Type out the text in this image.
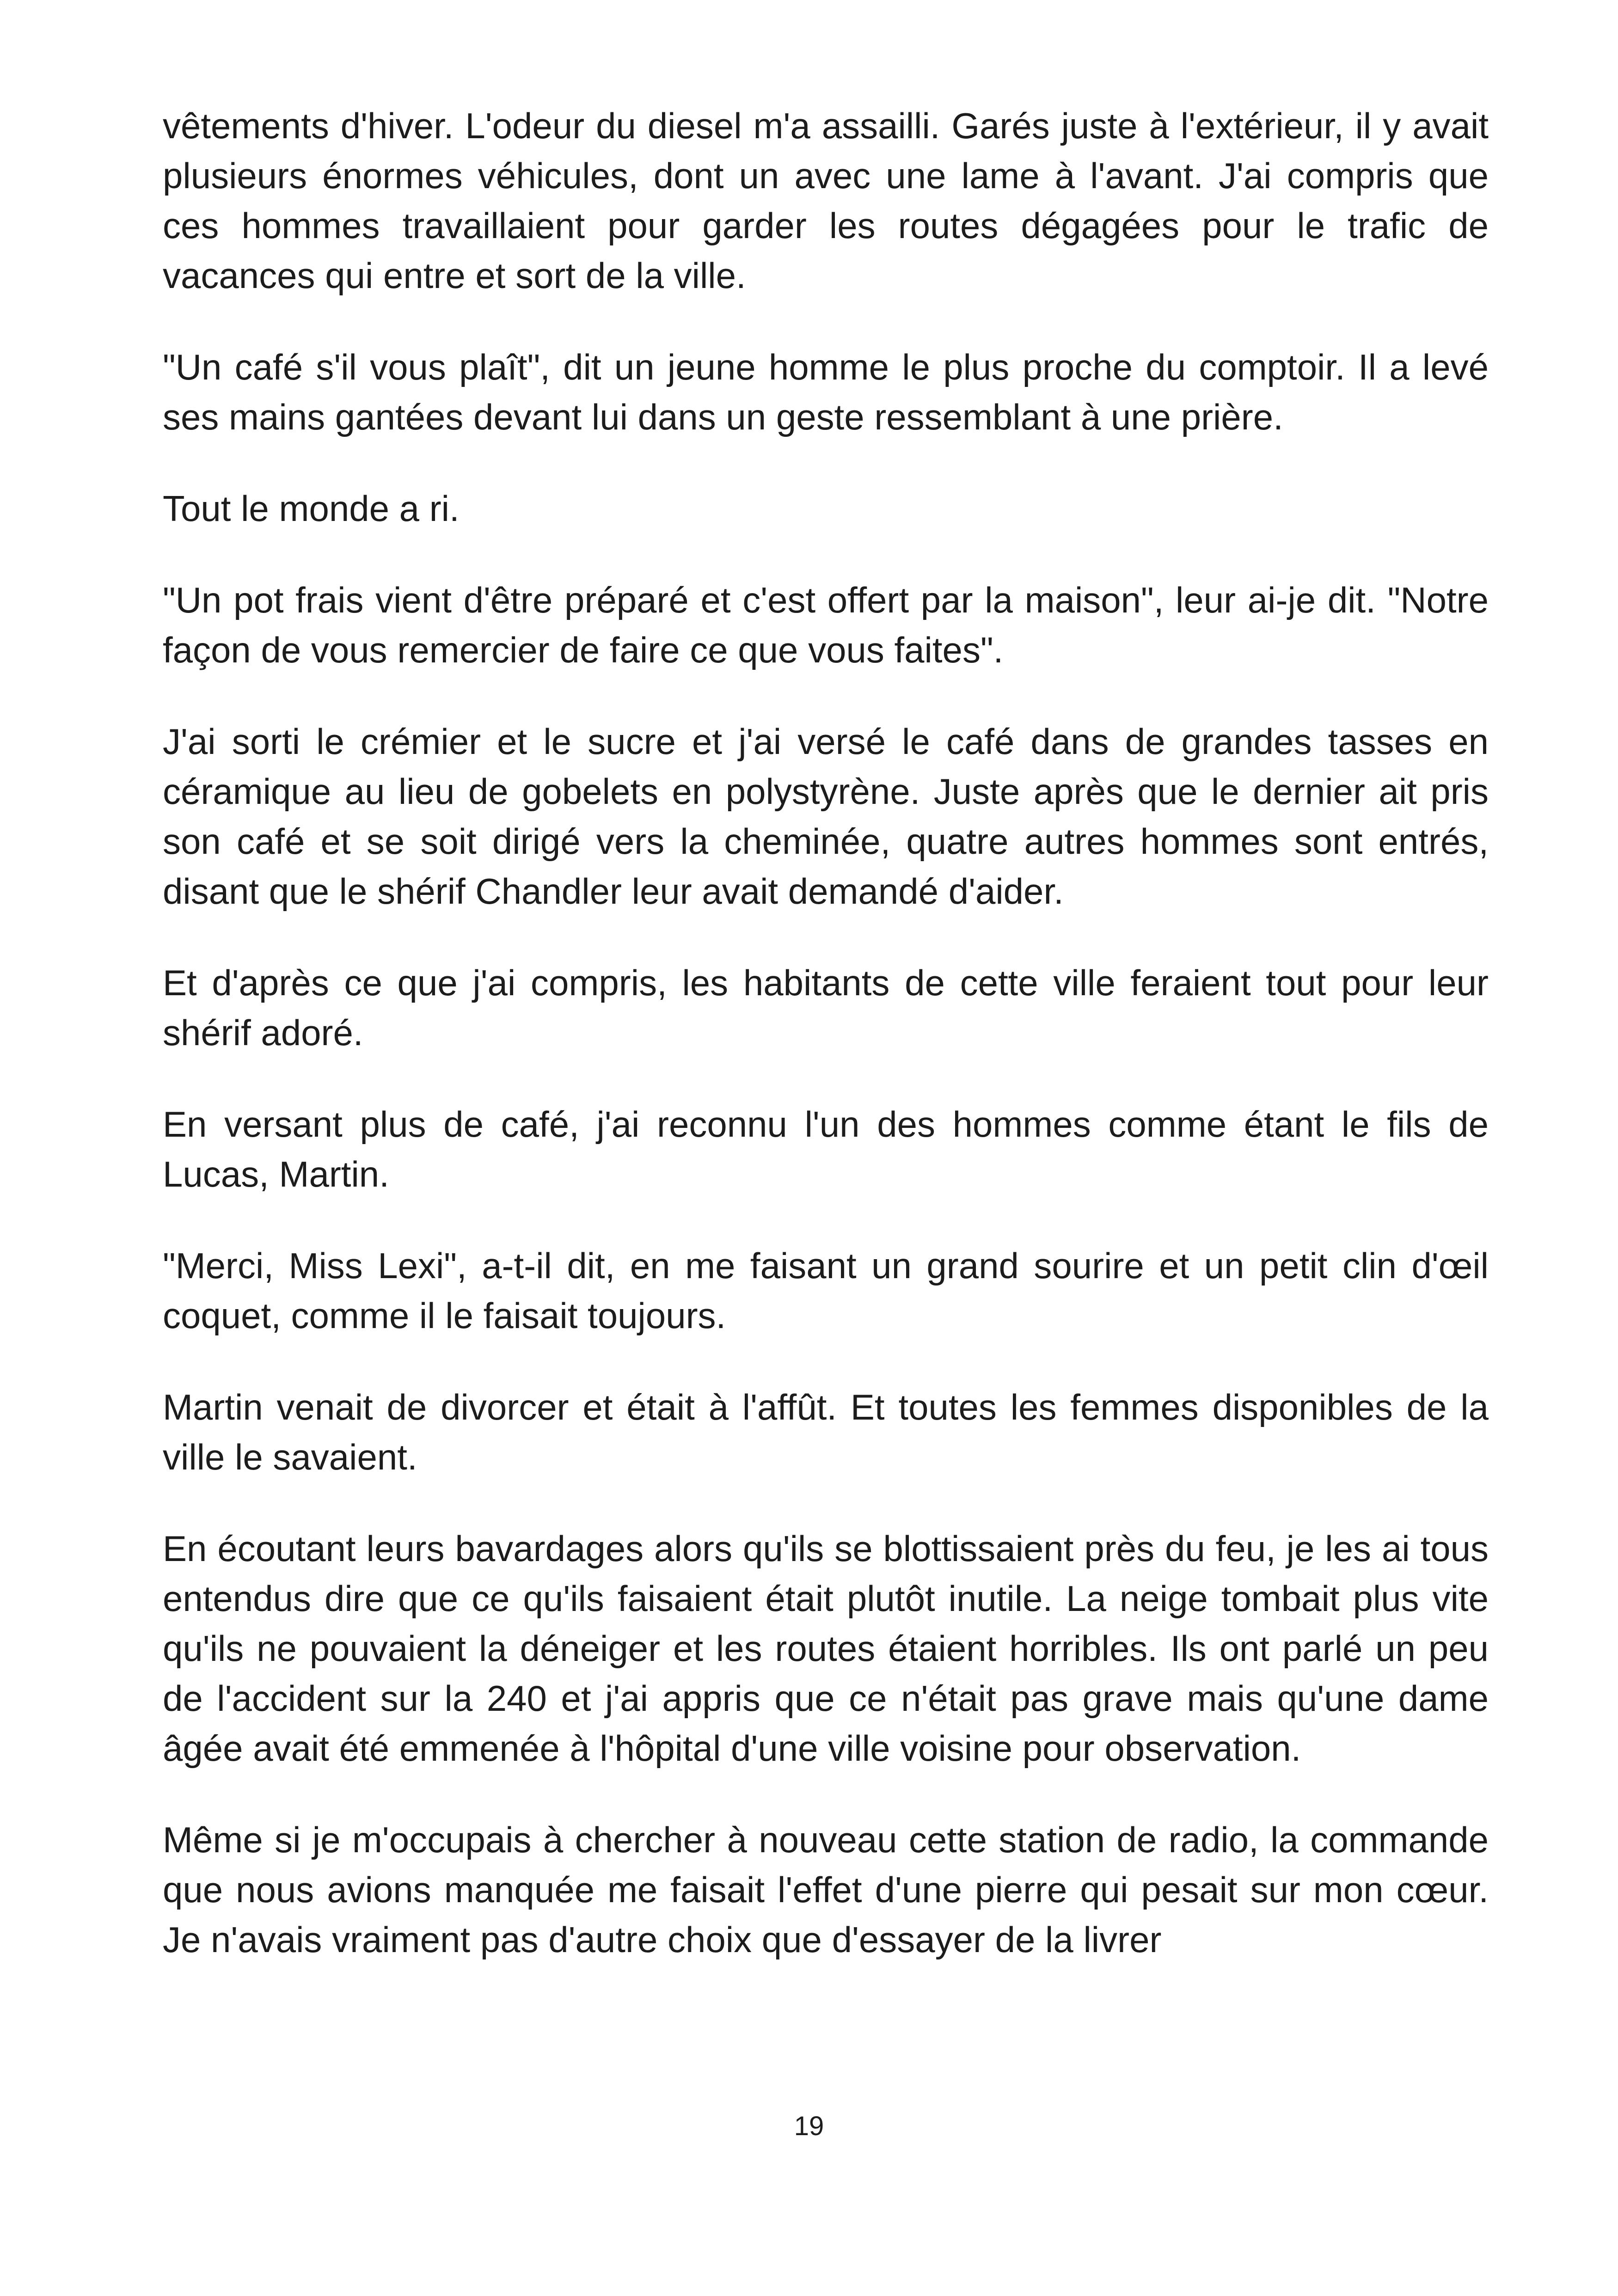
vêtements d'hiver. L'odeur du diesel m'a assailli. Garés juste à l'extérieur, il y avait plusieurs énormes véhicules, dont un avec une lame à l'avant. J'ai compris que ces hommes travaillaient pour garder les routes dégagées pour le trafic de vacances qui entre et sort de la ville.

"Un café s'il vous plaît", dit un jeune homme le plus proche du comptoir. Il a levé ses mains gantées devant lui dans un geste ressemblant à une prière.

Tout le monde a ri.

"Un pot frais vient d'être préparé et c'est offert par la maison", leur ai-je dit. "Notre façon de vous remercier de faire ce que vous faites".

J'ai sorti le crémier et le sucre et j'ai versé le café dans de grandes tasses en céramique au lieu de gobelets en polystyrène. Juste après que le dernier ait pris son café et se soit dirigé vers la cheminée, quatre autres hommes sont entrés, disant que le shérif Chandler leur avait demandé d'aider.

Et d'après ce que j'ai compris, les habitants de cette ville feraient tout pour leur shérif adoré.

En versant plus de café, j'ai reconnu l'un des hommes comme étant le fils de Lucas, Martin.

"Merci, Miss Lexi", a-t-il dit, en me faisant un grand sourire et un petit clin d'œil coquet, comme il le faisait toujours.

Martin venait de divorcer et était à l'affût. Et toutes les femmes disponibles de la ville le savaient.

En écoutant leurs bavardages alors qu'ils se blottissaient près du feu, je les ai tous entendus dire que ce qu'ils faisaient était plutôt inutile. La neige tombait plus vite qu'ils ne pouvaient la déneiger et les routes étaient horribles. Ils ont parlé un peu de l'accident sur la 240 et j'ai appris que ce n'était pas grave mais qu'une dame âgée avait été emmenée à l'hôpital d'une ville voisine pour observation.

Même si je m'occupais à chercher à nouveau cette station de radio, la commande que nous avions manquée me faisait l'effet d'une pierre qui pesait sur mon cœur. Je n'avais vraiment pas d'autre choix que d'essayer de la livrer

19
